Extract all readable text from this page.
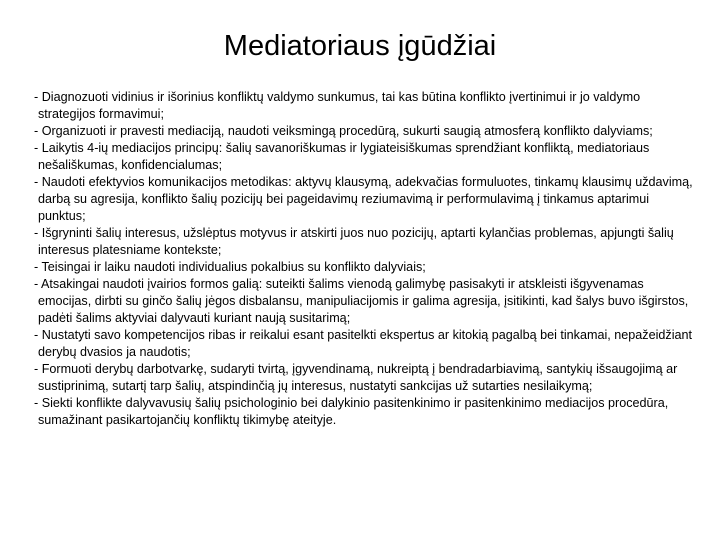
Mediatoriaus įgūdžiai
- Diagnozuoti vidinius ir išorinius konfliktų valdymo sunkumus, tai kas būtina konflikto įvertinimui ir jo valdymo strategijos formavimui;
- Organizuoti ir pravesti mediaciją, naudoti veiksmingą procedūrą, sukurti saugią atmosferą konflikto dalyviams;
- Laikytis 4-ių mediacijos principų: šalių savanoriškumas ir lygiateisiškumas sprendžiant konfliktą, mediatoriaus nešališkumas, konfidencialumas;
- Naudoti efektyvios komunikacijos metodikas: aktyvų klausymą, adekvačias formuluotes, tinkamų klausimų uždavimą, darbą su agresija, konflikto šalių pozicijų bei pageidavimų reziumavimą ir performulavimą į tinkamus aptarimui punktus;
- Išgryninti šalių interesus, užslėptus motyvus ir atskirti juos nuo pozicijų, aptarti kylančias problemas, apjungti šalių interesus platesniame kontekste;
- Teisingai ir laiku naudoti individualius pokalbius su konflikto dalyviais;
- Atsakingai naudoti įvairios formos galią: suteikti šalims vienodą galimybę pasisakyti ir atskleisti išgyvenamas emocijas, dirbti su ginčo šalių jėgos disbalansu, manipuliacijomis ir galima agresija, įsitikinti, kad šalys buvo išgirstos, padėti šalims aktyviai dalyvauti kuriant naują susitarimą;
- Nustatyti savo kompetencijos ribas ir reikalui esant pasitelkti ekspertus ar kitokią pagalbą bei tinkamai, nepažeidžiant derybų dvasios ja naudotis;
- Formuoti derybų darbotvarkę, sudaryti tvirtą, įgyvendinamą, nukreiptą į bendradarbiavimą, santykių išsaugojimą ar sustiprinimą, sutartį tarp šalių, atspindinčią jų interesus, nustatyti sankcijas už sutarties nesilaikymą;
- Siekti konflikte dalyvavusių šalių psichologinio bei dalykinio pasitenkinimo ir pasitenkinimo mediacijos procedūra, sumažinant pasikartojančių konfliktų tikimybę ateityje.
